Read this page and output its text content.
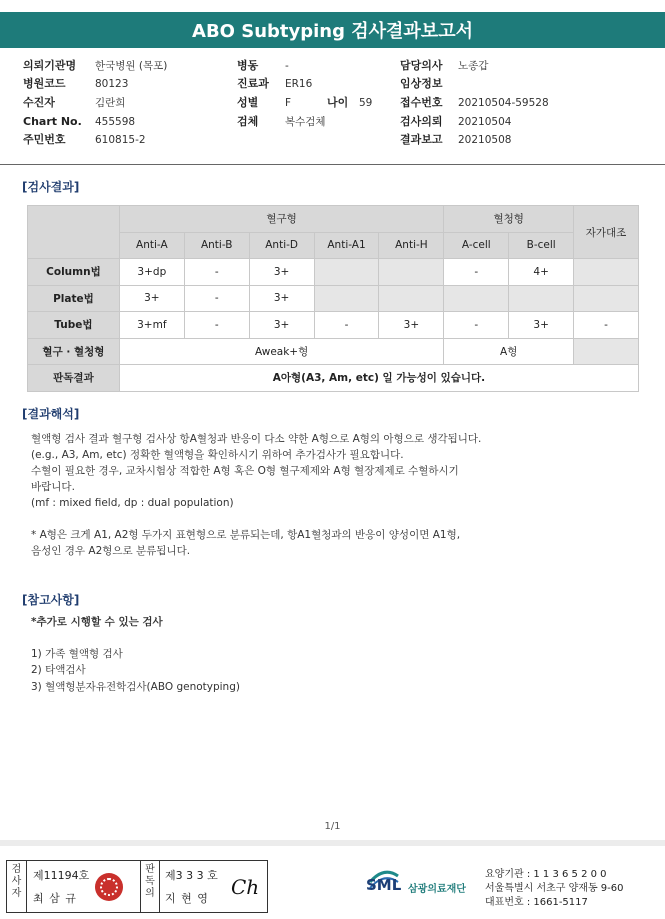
ABO Subtyping 검사결과보고서
의뢰기관명 한국병원 (목포)
병원코드	80123
수진자	김란희
Chart No. 455598
주민번호	610815-2
병동	-
진료과 ER16
성별	F	나이 59
검체	복수검체
담당의사 노종갑
임상정보
접수번호 20210504-59528
검사의뢰 20210504
결과보고 20210508
[검사결과]
	혈구형					혈청형		자가대조
	Anti-A	Anti-B	Anti-D	Anti-A1	Anti-H	A-cell	B-cell	
Column법	3+dp	-	3+			-	4+	
Plate법	3+	-	3+					
Tube법	3+mf	-	3+	-	3+	-	3+	-
혈구 · 혈청형	Aweak+형					A형		
판독결과	A아형(A3, Am, etc) 일 가능성이 있습니다.							
[결과해석]
혈액형 검사 결과 혈구형 검사상 항A혈청과 반응이 다소 약한 A형으로 A형의 아형으로 생각됩니다.
(e.g., A3, Am, etc) 정확한 혈액형을 확인하시기 위하여 추가검사가 필요합니다.
수혈이 필요한 경우, 교차시험상 적합한 A형 혹은 O형 혈구제제와 A형 혈장제제로 수혈하시기
바랍니다.
(mf : mixed field, dp : dual population)
* A형은 크게 A1, A2형 두가지 표현형으로 분류되는데, 항A1혈청과의 반응이 양성이면 A1형,
음성인 경우 A2형으로 분류됩니다.
[참고사항]
*추가로 시행할 수 있는 검사
1) 가족 혈액형 검사
2) 타액검사
3) 혈액형분자유전학검사(ABO genotyping)
1/1
검사자
제11194호
최 삼 규
판독의
제3 3 3 호
지 현 영 Ch	SML 삼광의료재단
요양기관 : 1 1 3 6 5 2 0 0
서울특별시 서초구 양재동 9-60
대표번호 : 1661-5117
